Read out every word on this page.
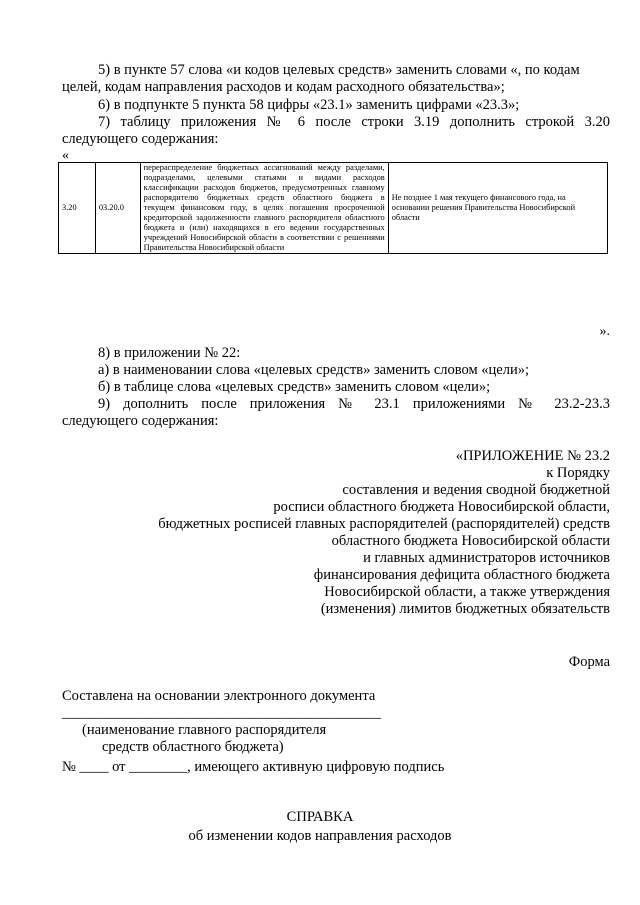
5) в пункте 57 слова «и кодов целевых средств» заменить словами «, по кодам
целей, кодам направления расходов и кодам расходного обязательства»;
6) в подпункте 5 пункта 58 цифры «23.1» заменить цифрами «23.3»;
7) таблицу приложения № 6 после строки 3.19 дополнить строкой 3.20
следующего содержания:
«
3.20	03.20.0	перераспределение бюджетных ассигнований между разделами, подразделами, целевыми статьями и видами расходов классификации расходов бюджетов, предусмотренных главному распорядителю бюджетных средств областного бюджета в текущем финансовом году, в целях погашения просроченной кредиторской задолженности главного распорядителя областного бюджета и (или) находящихся в его ведении государственных учреждений Новосибирской области в соответствии с решениями Правительства Новосибирской области	Не позднее 1 мая текущего финансового года, на основании решения Правительства Новосибирской области
».
8) в приложении № 22:
а) в наименовании слова «целевых средств» заменить словом «цели»;
б) в таблице слова «целевых средств» заменить словом «цели»;
9) дополнить после приложения № 23.1 приложениями № 23.2-23.3
следующего содержания:
«ПРИЛОЖЕНИЕ № 23.2
к Порядку
составления и ведения сводной бюджетной
росписи областного бюджета Новосибирской области,
бюджетных росписей главных распорядителей (распорядителей) средств
областного бюджета Новосибирской области
и главных администраторов источников
финансирования дефицита областного бюджета
Новосибирской области, а также утверждения
(изменения) лимитов бюджетных обязательств
Форма
Составлена на основании электронного документа
____________________________________________
(наименование главного распорядителя
средств областного бюджета)
№ ____ от ________, имеющего активную цифровую подпись
СПРАВКА
об изменении кодов направления расходов
